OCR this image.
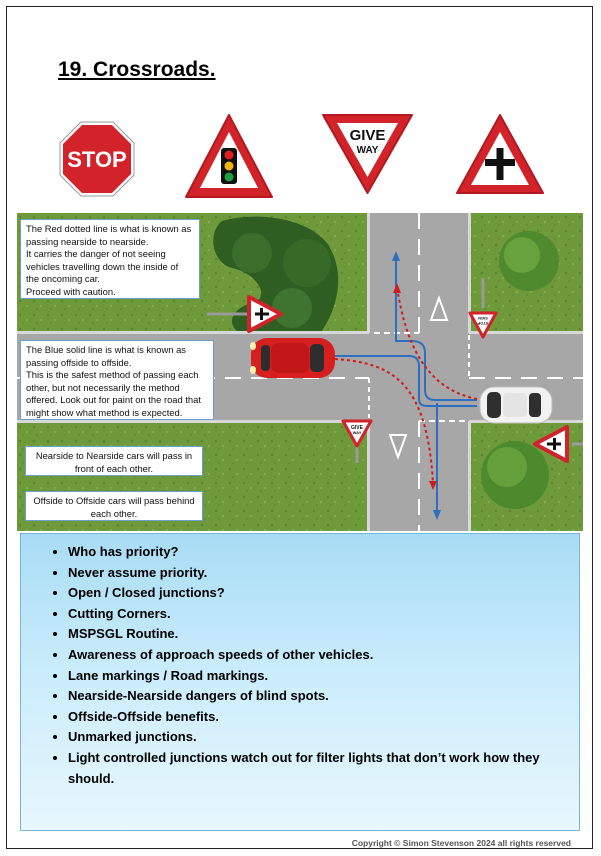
19. Crossroads.
STOP
GIVE
WAY
STOP
SIGN
GIVE
WAY
The Red dotted line is what is known as
passing nearside to nearside.
It carries the danger of not seeing
vehicles travelling down the inside of
the oncoming car.
Proceed with caution.
The Blue solid line is what is known as
passing offside to offside.
This is the safest method of passing each
other, but not necessarily the method
offered. Look out for paint on the road that
might show what method is expected.
Nearside to Nearside cars will pass in
front of each other.
Offside to Offside cars will pass behind
each other.
• Who has priority?
• Never assume priority.
• Open / Closed junctions?
• Cutting Corners.
• MSPSGL Routine.
• Awareness of approach speeds of other vehicles.
• Lane markings / Road markings.
• Nearside-Nearside dangers of blind spots.
• Offside-Offside benefits.
• Unmarked junctions.
• Light controlled junctions watch out for filter lights that don’t work how they should.
Copyright © Simon Stevenson 2024 all rights reserved
